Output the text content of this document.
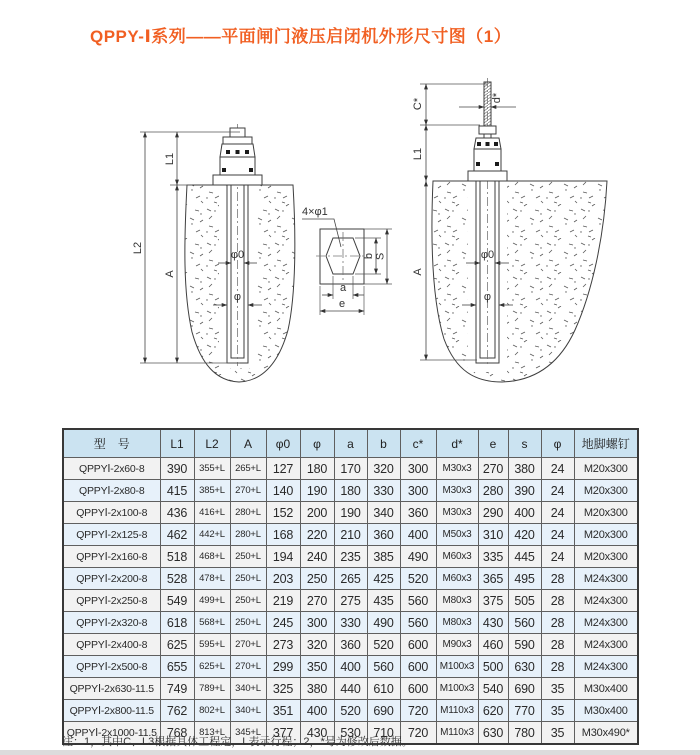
QPPY-Ⅰ系列——平面闸门液压启闭机外形尺寸图（1）
L2
L1
A
φ0
φ
4×φ1
b S
a
e
C*
L1
A
d*
φ0
φ
型　号	L1	L2	A	φ0	φ	a	b	c*	d*	e	s	φ	地脚螺钉
QPPYⅠ-2x60-8	390	355+L	265+L	127	180	170	320	300	M30x3	270	380	24	M20x300
QPPYⅠ-2x80-8	415	385+L	270+L	140	190	180	330	300	M30x3	280	390	24	M20x300
QPPYⅠ-2x100-8	436	416+L	280+L	152	200	190	340	360	M30x3	290	400	24	M20x300
QPPYⅠ-2x125-8	462	442+L	280+L	168	220	210	360	400	M50x3	310	420	24	M20x300
QPPYⅠ-2x160-8	518	468+L	250+L	194	240	235	385	490	M60x3	335	445	24	M20x300
QPPYⅠ-2x200-8	528	478+L	250+L	203	250	265	425	520	M60x3	365	495	28	M24x300
QPPYⅠ-2x250-8	549	499+L	250+L	219	270	275	435	560	M80x3	375	505	28	M24x300
QPPYⅠ-2x320-8	618	568+L	250+L	245	300	330	490	560	M80x3	430	560	28	M24x300
QPPYⅠ-2x400-8	625	595+L	270+L	273	320	360	520	600	M90x3	460	590	28	M24x300
QPPYⅠ-2x500-8	655	625+L	270+L	299	350	400	560	600	M100x3	500	630	28	M24x300
QPPYⅠ-2x630-11.5	749	789+L	340+L	325	380	440	610	600	M100x3	540	690	35	M30x400
QPPYⅠ-2x800-11.5	762	802+L	340+L	351	400	520	690	720	M110x3	620	770	35	M30x400
QPPYⅠ-2x1000-11.5	768	813+L	345+L	377	430	530	710	720	M110x3	630	780	35	M30x490*
注：1，其中C、L3根据具体工程定，L表示行程；2，*号为修改后数据。
